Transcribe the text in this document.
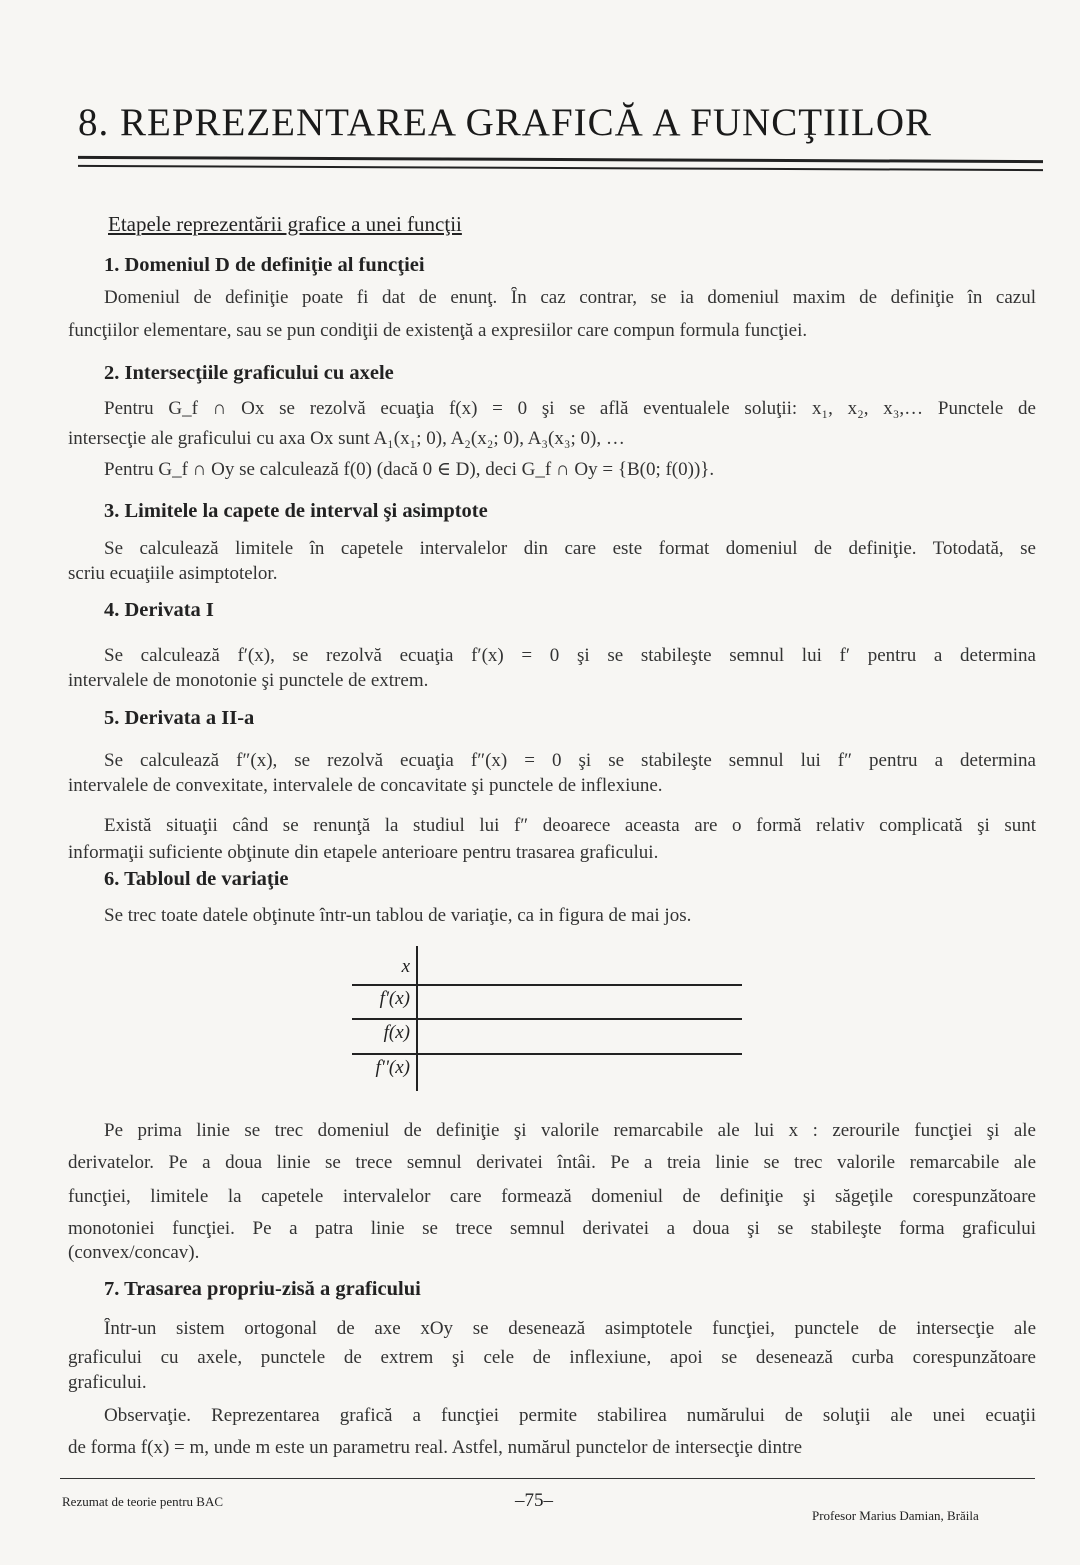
8. REPREZENTAREA GRAFICĂ A FUNCŢIILOR
Etapele reprezentării grafice a unei funcţii
1. Domeniul D de definiţie al funcţiei
Domeniul de definiţie poate fi dat de enunţ. În caz contrar, se ia domeniul maxim de definiţie în cazul
funcţiilor elementare, sau se pun condiţii de existenţă a expresiilor care compun formula funcţiei.
2. Intersecţiile graficului cu axele
Pentru G_f ∩ Ox se rezolvă ecuaţia f(x) = 0 şi se află eventualele soluţii: x₁, x₂, x₃,… Punctele de
intersecţie ale graficului cu axa Ox sunt A₁(x₁; 0), A₂(x₂; 0), A₃(x₃; 0), …
Pentru G_f ∩ Oy se calculează f(0) (dacă 0 ∈ D), deci G_f ∩ Oy = {B(0; f(0))}.
3. Limitele la capete de interval şi asimptote
Se calculează limitele în capetele intervalelor din care este format domeniul de definiţie. Totodată, se
scriu ecuaţiile asimptotelor.
4. Derivata I
Se calculează f′(x), se rezolvă ecuaţia f′(x) = 0 şi se stabileşte semnul lui f′ pentru a determina
intervalele de monotonie şi punctele de extrem.
5. Derivata a II-a
Se calculează f″(x), se rezolvă ecuaţia f″(x) = 0 şi se stabileşte semnul lui f″ pentru a determina
intervalele de convexitate, intervalele de concavitate şi punctele de inflexiune.
Există situaţii când se renunţă la studiul lui f″ deoarece aceasta are o formă relativ complicată şi sunt
informaţii suficiente obţinute din etapele anterioare pentru trasarea graficului.
6. Tabloul de variaţie
Se trec toate datele obţinute într-un tablou de variaţie, ca in figura de mai jos.
Pe prima linie se trec domeniul de definiţie şi valorile remarcabile ale lui x : zerourile funcţiei şi ale
derivatelor. Pe a doua linie se trece semnul derivatei întâi. Pe a treia linie se trec valorile remarcabile ale
funcţiei, limitele la capetele intervalelor care formează domeniul de definiţie şi săgeţile corespunzătoare
monotoniei funcţiei. Pe a patra linie se trece semnul derivatei a doua şi se stabileşte forma graficului
(convex/concav).
7. Trasarea propriu-zisă a graficului
Într-un sistem ortogonal de axe xOy se desenează asimptotele funcţiei, punctele de intersecţie ale
graficului cu axele, punctele de extrem şi cele de inflexiune, apoi se desenează curba corespunzătoare
graficului.
Observaţie. Reprezentarea grafică a funcţiei permite stabilirea numărului de soluţii ale unei ecuaţii
de forma f(x) = m, unde m este un parametru real. Astfel, numărul punctelor de intersecţie dintre
x
f'(x)
f(x)
f''(x)
Rezumat de teorie pentru BAC	–75–
Profesor Marius Damian, Brăila
